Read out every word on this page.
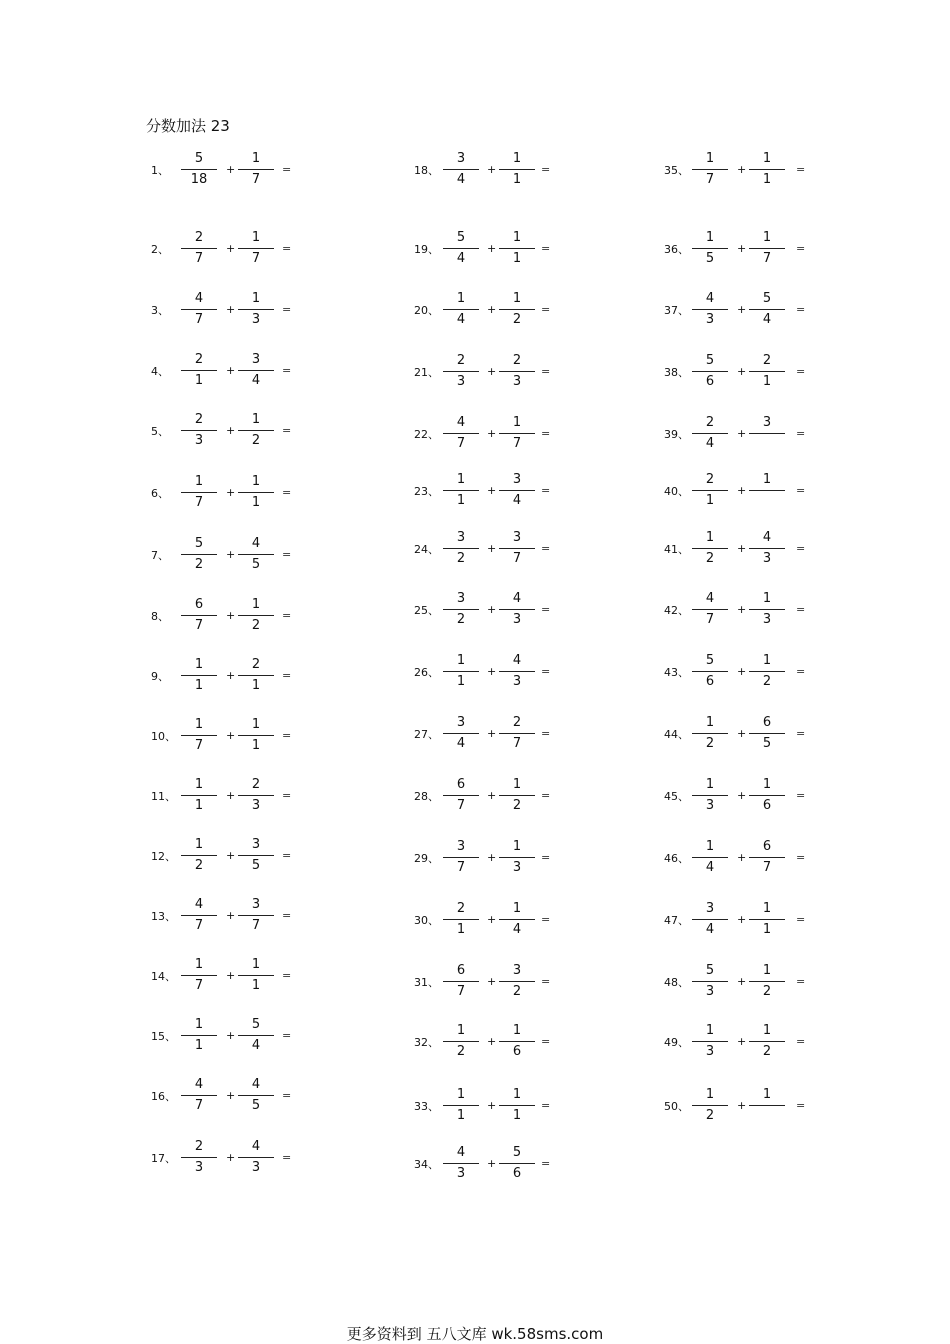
分数加法 23
1、
5
18
+
1
7
=
2、
2
7
+
1
7
=
3、
4
7
+
1
3
=
4、
2
1
+
3
4
=
5、
2
3
+
1
2
=
6、
1
7
+
1
1
=
7、
5
2
+
4
5
=
8、
6
7
+
1
2
=
9、
1
1
+
2
1
=
10、
1
7
+
1
1
=
11、
1
1
+
2
3
=
12、
1
2
+
3
5
=
13、
4
7
+
3
7
=
14、
1
7
+
1
1
=
15、
1
1
+
5
4
=
16、
4
7
+
4
5
=
17、
2
3
+
4
3
=
18、
3
4
+
1
1
=
19、
5
4
+
1
1
=
20、
1
4
+
1
2
=
21、
2
3
+
2
3
=
22、
4
7
+
1
7
=
23、
1
1
+
3
4
=
24、
3
2
+
3
7
=
25、
3
2
+
4
3
=
26、
1
1
+
4
3
=
27、
3
4
+
2
7
=
28、
6
7
+
1
2
=
29、
3
7
+
1
3
=
30、
2
1
+
1
4
=
31、
6
7
+
3
2
=
32、
1
2
+
1
6
=
33、
1
1
+
1
1
=
34、
4
3
+
5
6
=
35、
1
7
+
1
1
=
36、
1
5
+
1
7
=
37、
4
3
+
5
4
=
38、
5
6
+
2
1
=
39、
2
4
+
3
=
40、
2
1
+
1
=
41、
1
2
+
4
3
=
42、
4
7
+
1
3
=
43、
5
6
+
1
2
=
44、
1
2
+
6
5
=
45、
1
3
+
1
6
=
46、
1
4
+
6
7
=
47、
3
4
+
1
1
=
48、
5
3
+
1
2
=
49、
1
3
+
1
2
=
50、
1
2
+
1
=
更多资料到 五八文库 wk.58sms.com
